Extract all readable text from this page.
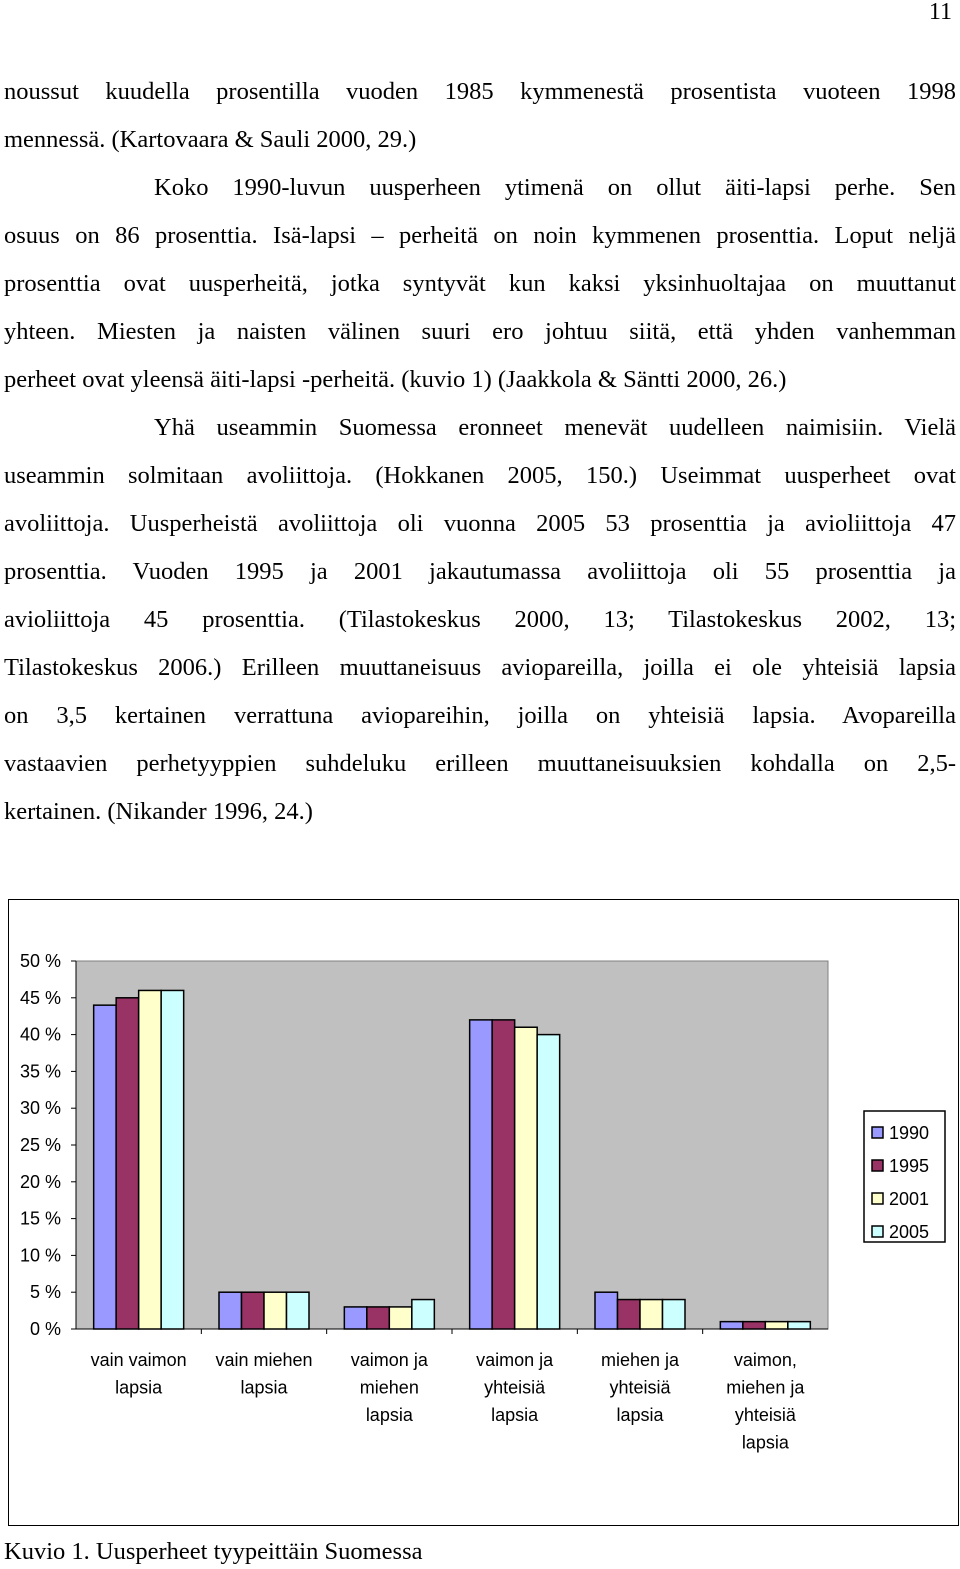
11
noussut kuudella prosentilla vuoden 1985 kymmenestä prosentista vuoteen 1998
mennessä. (Kartovaara & Sauli 2000, 29.)
Koko 1990-luvun uusperheen ytimenä on ollut äiti-lapsi perhe. Sen
osuus on 86 prosenttia. Isä-lapsi – perheitä on noin kymmenen prosenttia. Loput neljä
prosenttia ovat uusperheitä, jotka syntyvät kun kaksi yksinhuoltajaa on muuttanut
yhteen. Miesten ja naisten välinen suuri ero johtuu siitä, että yhden vanhemman
perheet ovat yleensä äiti-lapsi -perheitä. (kuvio 1) (Jaakkola & Säntti 2000, 26.)
Yhä useammin Suomessa eronneet menevät uudelleen naimisiin. Vielä
useammin solmitaan avoliittoja. (Hokkanen 2005, 150.) Useimmat uusperheet ovat
avoliittoja. Uusperheistä avoliittoja oli vuonna 2005 53 prosenttia ja avioliittoja 47
prosenttia. Vuoden 1995 ja 2001 jakautumassa avoliittoja oli 55 prosenttia ja
avioliittoja 45 prosenttia. (Tilastokeskus 2000, 13; Tilastokeskus 2002, 13;
Tilastokeskus 2006.) Erilleen muuttaneisuus aviopareilla, joilla ei ole yhteisiä lapsia
on 3,5 kertainen verrattuna aviopareihin, joilla on yhteisiä lapsia. Avopareilla
vastaavien perhetyyppien suhdeluku erilleen muuttaneisuuksien kohdalla on 2,5-
kertainen. (Nikander 1996, 24.)
0 %
5 %
10 %
15 %
20 %
25 %
30 %
35 %
40 %
45 %
50 %
vain vaimon
lapsia
vain miehen
lapsia
vaimon ja
miehen
lapsia
vaimon ja
yhteisiä
lapsia
miehen ja
yhteisiä
lapsia
vaimon,
miehen ja
yhteisiä
lapsia
1990
1995
2001
2005
Kuvio 1. Uusperheet tyypeittäin Suomessa
